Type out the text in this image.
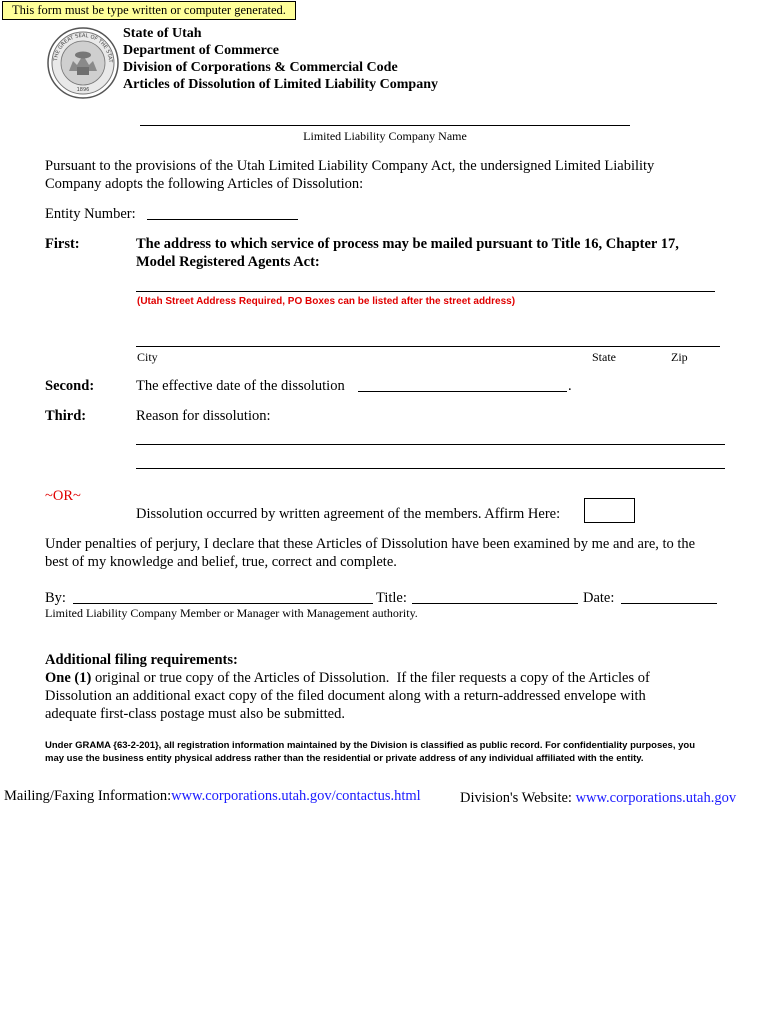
This form must be type written or computer generated.
THE GREAT SEAL OF THE STAT
1896
State of Utah
Department of Commerce
Division of Corporations & Commercial Code
Articles of Dissolution of Limited Liability Company
Limited Liability Company Name
Pursuant to the provisions of the Utah Limited Liability Company Act, the undersigned Limited Liability
Company adopts the following Articles of Dissolution:
Entity Number:
First:	The address to which service of process may be mailed pursuant to Title 16, Chapter 17,
Model Registered Agents Act:
(Utah Street Address Required, PO Boxes can be listed after the street address)
City	State	Zip
Second:	The effective date of the dissolution	.
Third:	Reason for dissolution:
~OR~
Dissolution occurred by written agreement of the members. Affirm Here:
Under penalties of perjury, I declare that these Articles of Dissolution have been examined by me and are, to the
best of my knowledge and belief, true, correct and complete.
By:	Title:	Date:
Limited Liability Company Member or Manager with Management authority.
Additional filing requirements:
One (1) original or true copy of the Articles of Dissolution.  If the filer requests a copy of the Articles of
Dissolution an additional exact copy of the filed document along with a return-addressed envelope with
adequate first-class postage must also be submitted.
Under GRAMA {63-2-201}, all registration information maintained by the Division is classified as public record. For confidentiality purposes, you
may use the business entity physical address rather than the residential or private address of any individual affiliated with the entity.
Mailing/Faxing Information:www.corporations.utah.gov/contactus.html	Division's Website: www.corporations.utah.gov
